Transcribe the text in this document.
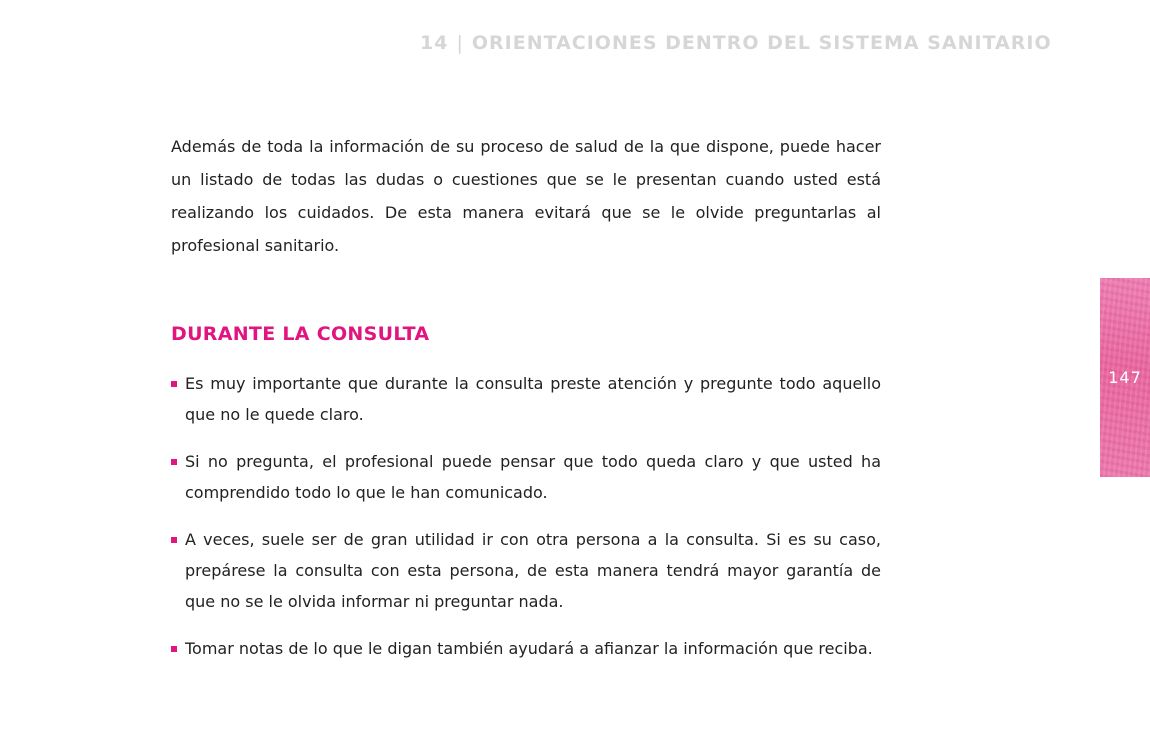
14 | ORIENTACIONES DENTRO DEL SISTEMA SANITARIO

Además de toda la información de su proceso de salud de la que dispone, puede hacer un listado de todas las dudas o cuestiones que se le presentan cuando usted está realizando los cuidados. De esta manera evitará que se le olvide preguntarlas al profesional sanitario.

DURANTE LA CONSULTA
Es muy importante que durante la consulta preste atención y pregunte todo aquello que no le quede claro.
Si no pregunta, el profesional puede pensar que todo queda claro y que usted ha comprendido todo lo que le han comunicado.
A veces, suele ser de gran utilidad ir con otra persona a la consulta. Si es su caso, prepárese la consulta con esta persona, de esta manera tendrá mayor garantía de que no se le olvida informar ni preguntar nada.
Tomar notas de lo que le digan también ayudará a afianzar la información que reciba.
147
